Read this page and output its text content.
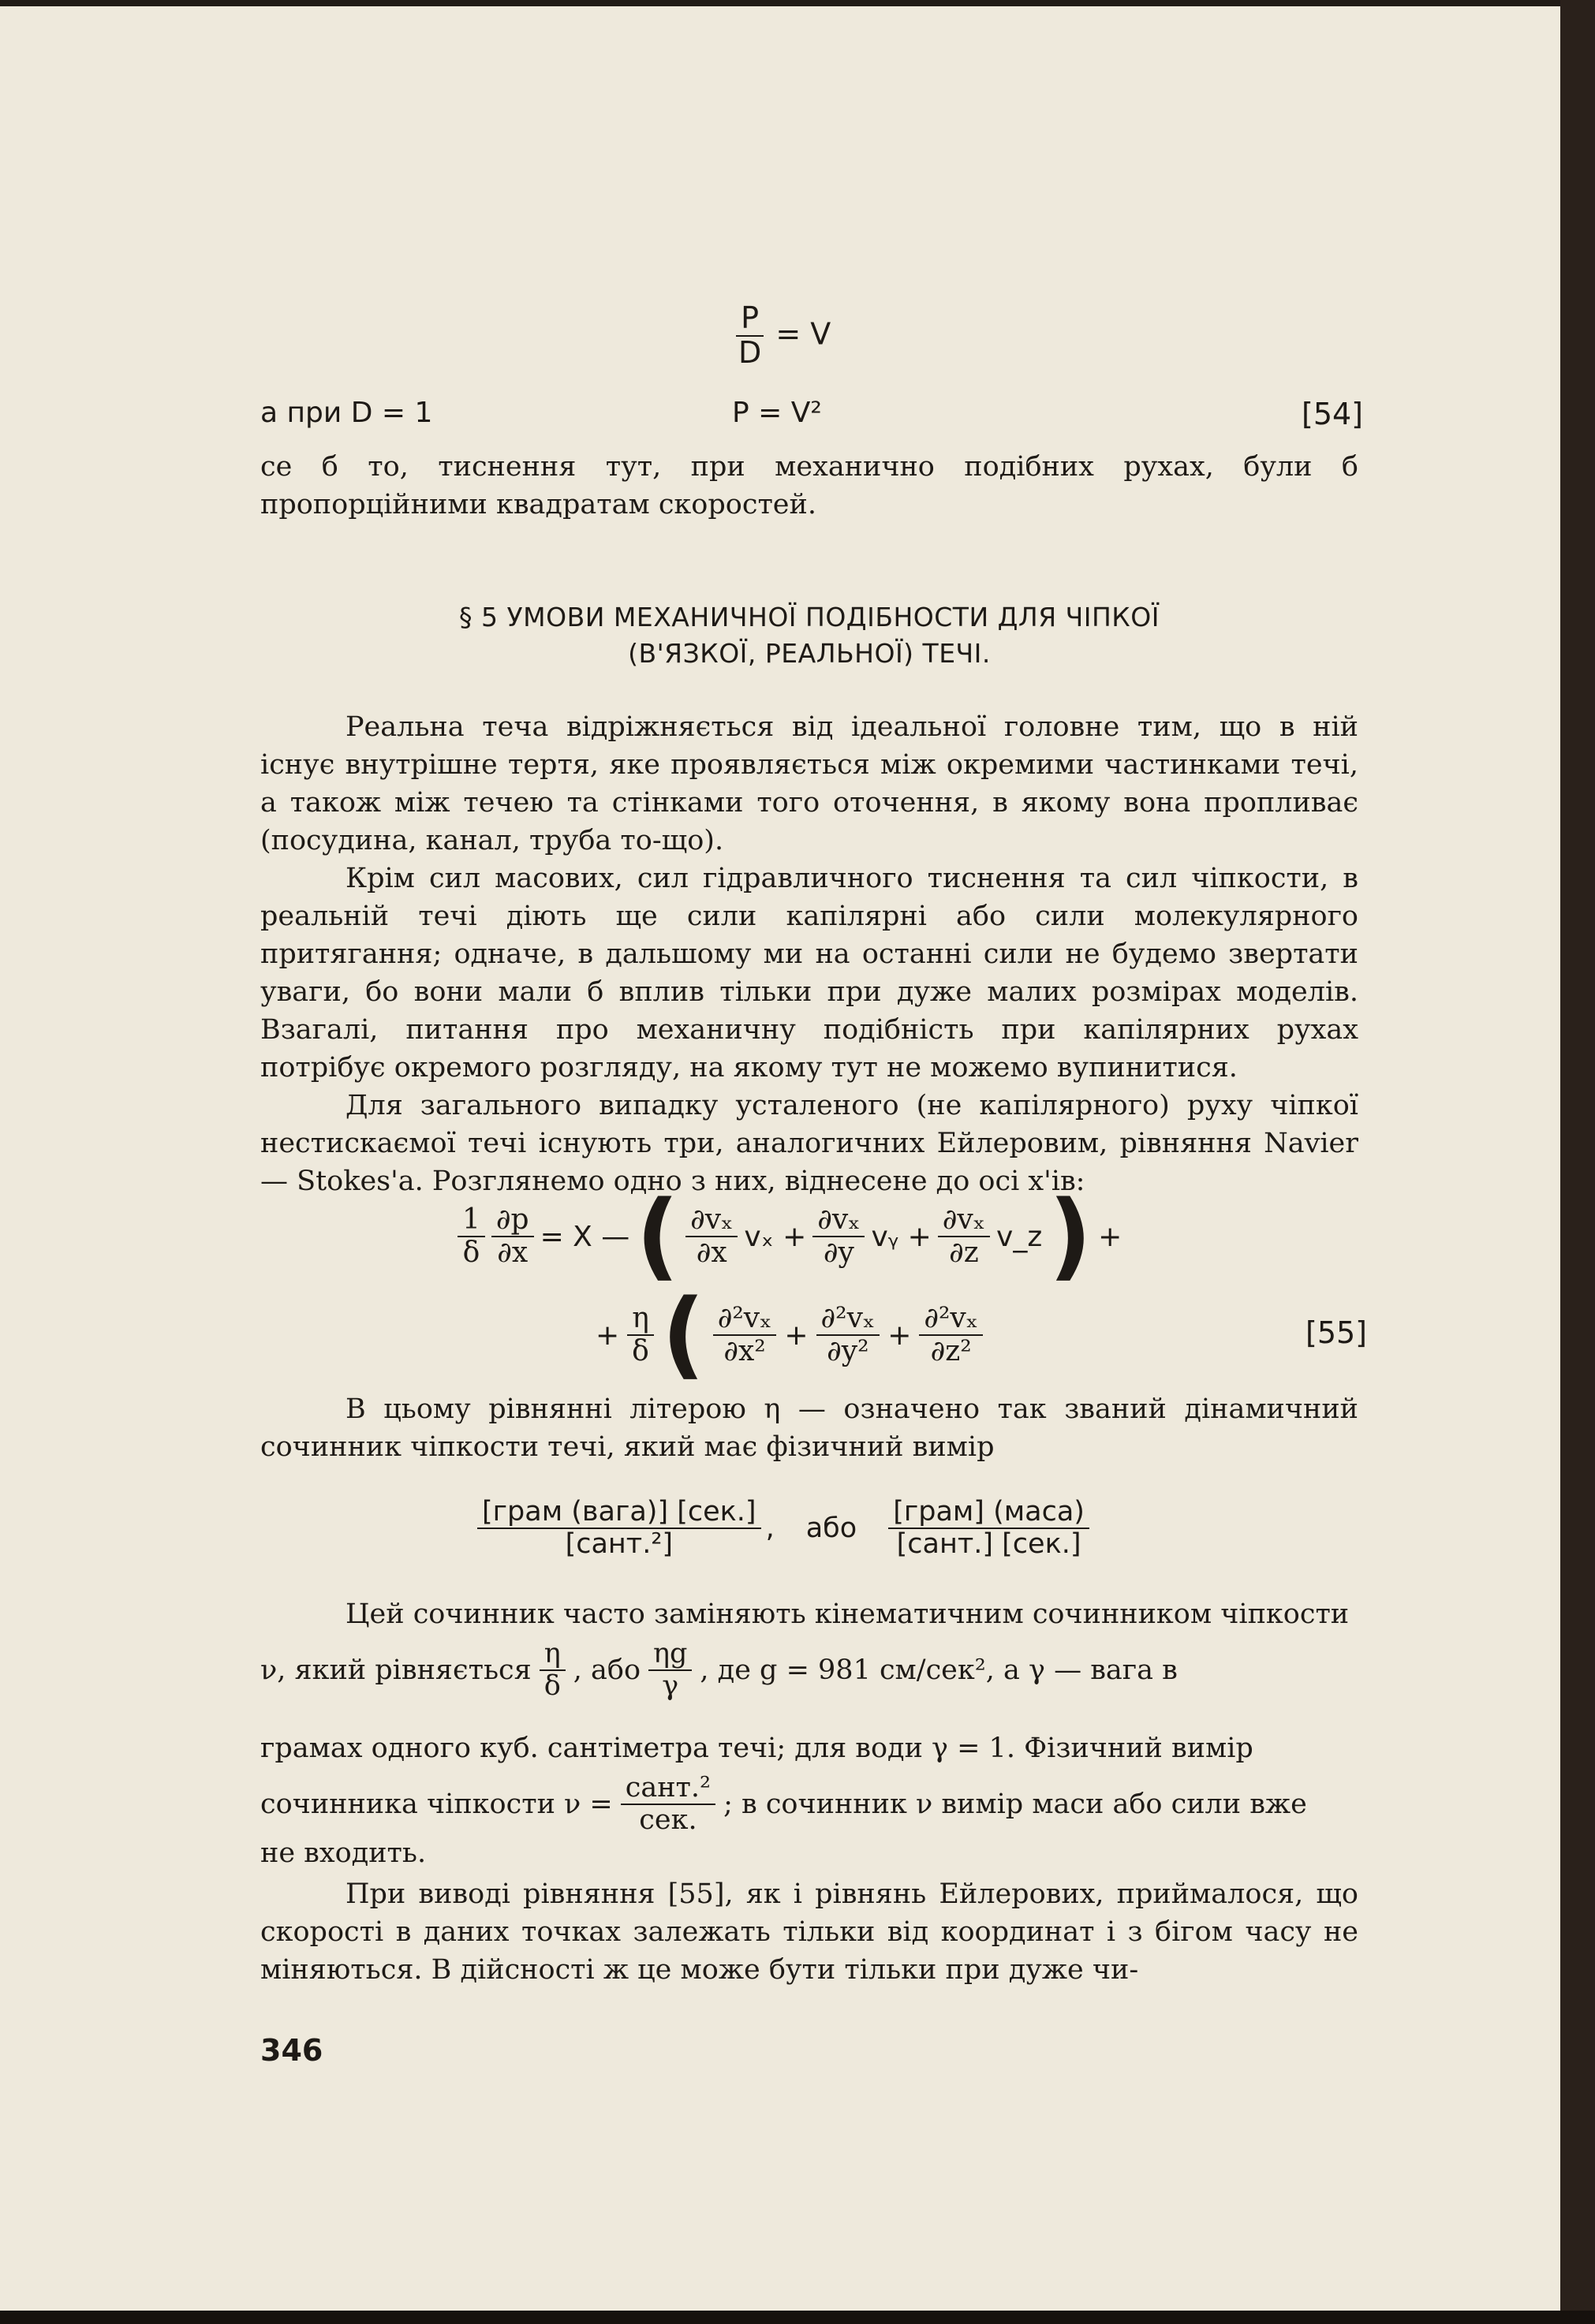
$\frac{P}{D} = V$
а при D = 1	P = V²	[54]

се б то, тиснення тут, при механично подібних рухах, були б пропорційними квадратам скоростей.

§ 5 УМОВИ МЕХАНИЧНОЇ ПОДІБНОСТИ ДЛЯ ЧІПКОЇ
(В'ЯЗКОЇ, РЕАЛЬНОЇ) ТЕЧІ.

Реальна теча відріжняється від ідеальної головне тим, що в ній існує внутрішне тертя, яке проявляється між окремими частинками течі, а також між течею та стінками того оточення, в якому вона пропливає (посудина, канал, труба то-що).

Крім сил масових, сил гідравличного тиснення та сил чіпкости, в реальній течі діють ще сили капілярні або сили молекулярного притягання; одначе, в дальшому ми на останні сили не будемо звертати уваги, бо вони мали б вплив тільки при дуже малих розмірах моделів. Взагалі, питання про механичну подібність при капілярних рухах потрібує окремого розгляду, на якому тут не можемо вупинитися.

Для загального випадку усталеного (не капілярного) руху чіпкої нестискаємої течі існують три, аналогичних Ейлеровим, рівняння Navier — Stokes'a. Розглянемо одно з них, віднесене до осі х'ів:

$\frac{1}{\delta} \frac{\partial p}{\partial x} = X$ — ( $\frac{\text{∂vₓ}}{\partial x}$ $v_x + \frac{\text{∂vₓ}}{\partial y}$ vᵧ + $\frac{\text{∂vₓ}}{\partial z}$ v_z ) +
+ $\frac{\eta}{\delta}$ ( $\frac{\text{∂²vₓ}}{\text{∂x²}} + \frac{\text{∂²vₓ}}{\text{∂y²}} + \frac{\text{∂²vₓ}}{\text{∂z²}}$	[55]

В цьому рівнянні літерою η — означено так званий дінамичний сочинник чіпкости течі, який має фізичний вимір

$\frac{\text{[грам (вага)] [сек.]}}{\text{[сант.²]}}$ , або $\frac{\text{[грам] (маса)}}{\text{[сант.] [сек.]}}$

Цей сочинник часто заміняють кінематичним сочинником чіпкости

ν, який рівняється $\frac{\eta}{\delta}$ , або $\frac{\eta g}{\gamma}$ , де g = 981 см/сек², а γ — вага в

грамах одного куб. сантіметра течі; для води γ = 1. Фізичний вимір

сочинника чіпкости $\nu = \frac{\text{сант.²}}{\text{сек.}}$ ; в сочинник ν вимір маси або сили вже

не входить.

При виводі рівняння [55], як і рівнянь Ейлерових, приймалося, що скорості в даних точках залежать тільки від координат і з бігом часу не міняються. В дійсності ж це може бути тільки при дуже чи-

346
